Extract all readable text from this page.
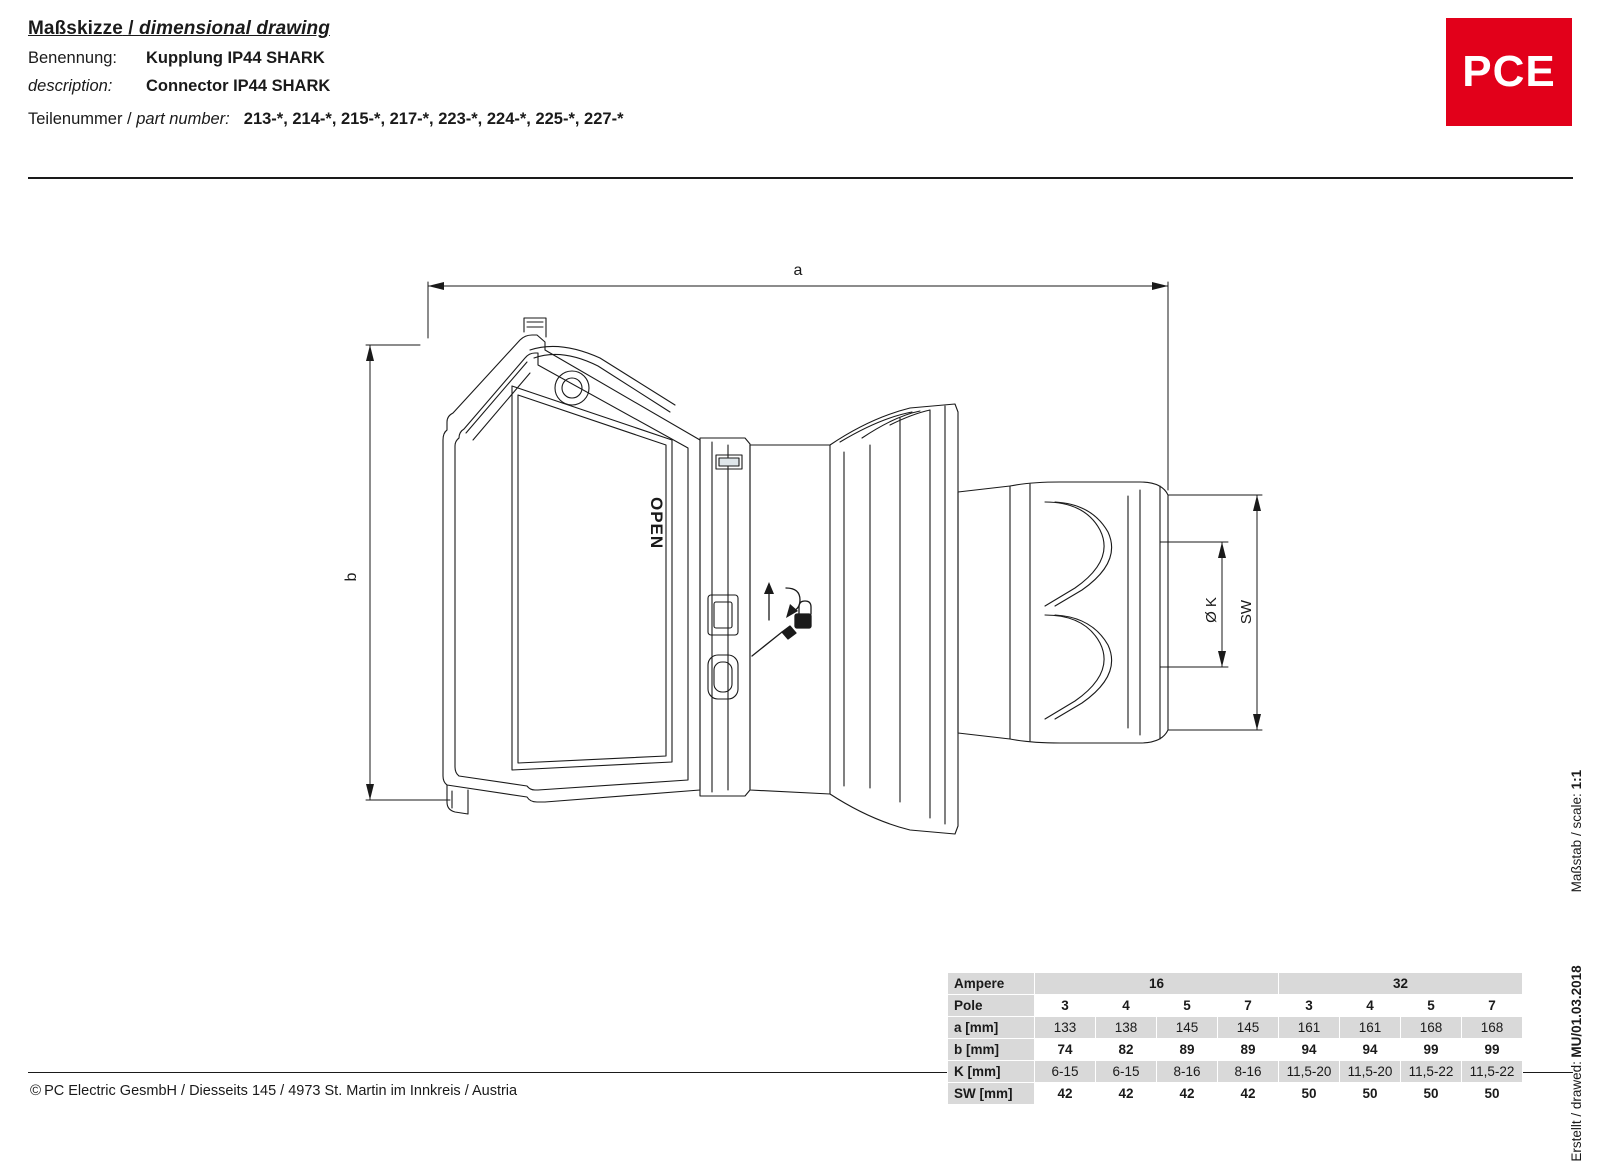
Maßskizze / dimensional drawing
Benennung:	Kupplung IP44 SHARK
description:	Connector IP44 SHARK
Teilenummer / part number: 213-*, 214-*, 215-*, 217-*, 223-*, 224-*, 225-*, 227-*
PCE
OPEN
a
b
Ø K SW
Maßstab / scale: 1:1
Erstellt / drawed: MU/01.03.2018
Ampere	16				32			
Pole	3	4	5	7	3	4	5	7
a [mm]	133	138	145	145	161	161	168	168
b [mm]	74	82	89	89	94	94	99	99
K [mm]	6-15	6-15	8-16	8-16	11,5-20	11,5-20	11,5-22	11,5-22
SW [mm]	42	42	42	42	50	50	50	50
© PC Electric GesmbH / Diesseits 145 / 4973 St. Martin im Innkreis / Austria
